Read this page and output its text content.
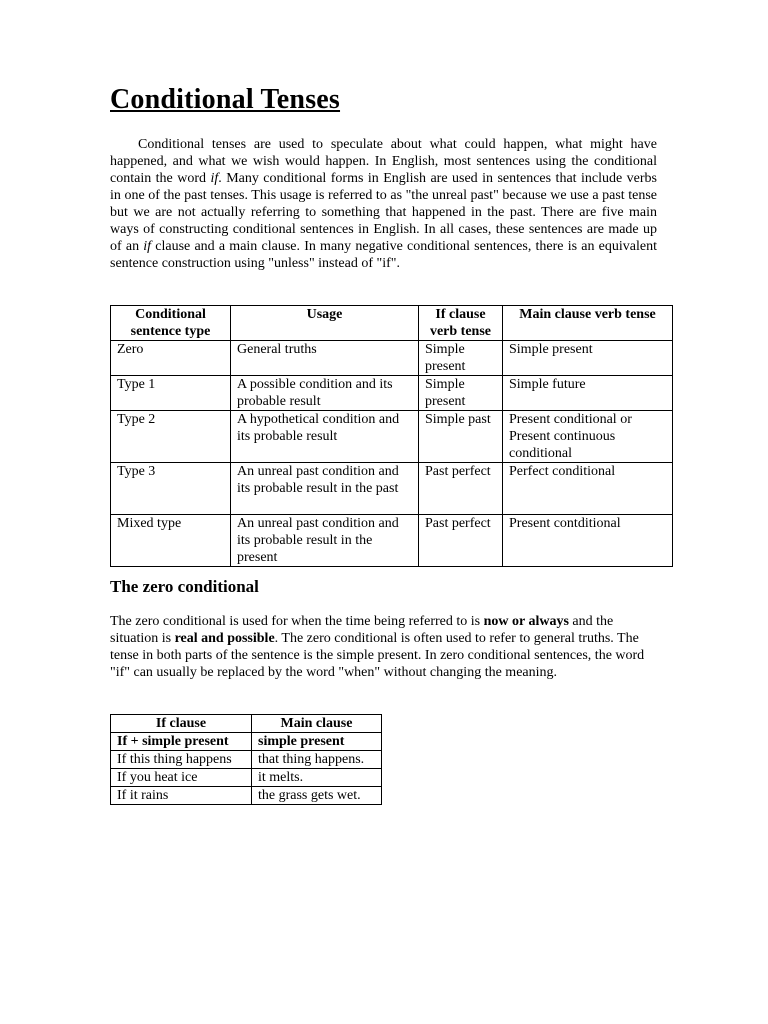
Conditional Tenses

Conditional tenses are used to speculate about what could happen, what might have happened, and what we wish would happen. In English, most sentences using the conditional contain the word if. Many conditional forms in English are used in sentences that include verbs in one of the past tenses. This usage is referred to as "the unreal past" because we use a past tense but we are not actually referring to something that happened in the past. There are five main ways of constructing conditional sentences in English. In all cases, these sentences are made up of an if clause and a main clause. In many negative conditional sentences, there is an equivalent sentence construction using "unless" instead of "if".

Conditional sentence type	Usage	If clause verb tense	Main clause verb tense
Zero	General truths	Simple present	Simple present
Type 1	A possible condition and its probable result	Simple present	Simple future
Type 2	A hypothetical condition and its probable result	Simple past	Present conditional or Present continuous conditional
Type 3	An unreal past condition and its probable result in the past	Past perfect	Perfect conditional
Mixed type	An unreal past condition and its probable result in the present	Past perfect	Present contditional
The zero conditional

The zero conditional is used for when the time being referred to is now or always and the situation is real and possible. The zero conditional is often used to refer to general truths. The tense in both parts of the sentence is the simple present. In zero conditional sentences, the word "if" can usually be replaced by the word "when" without changing the meaning.

If clause	Main clause
If + simple present	simple present
If this thing happens	that thing happens.
If you heat ice	it melts.
If it rains	the grass gets wet.
